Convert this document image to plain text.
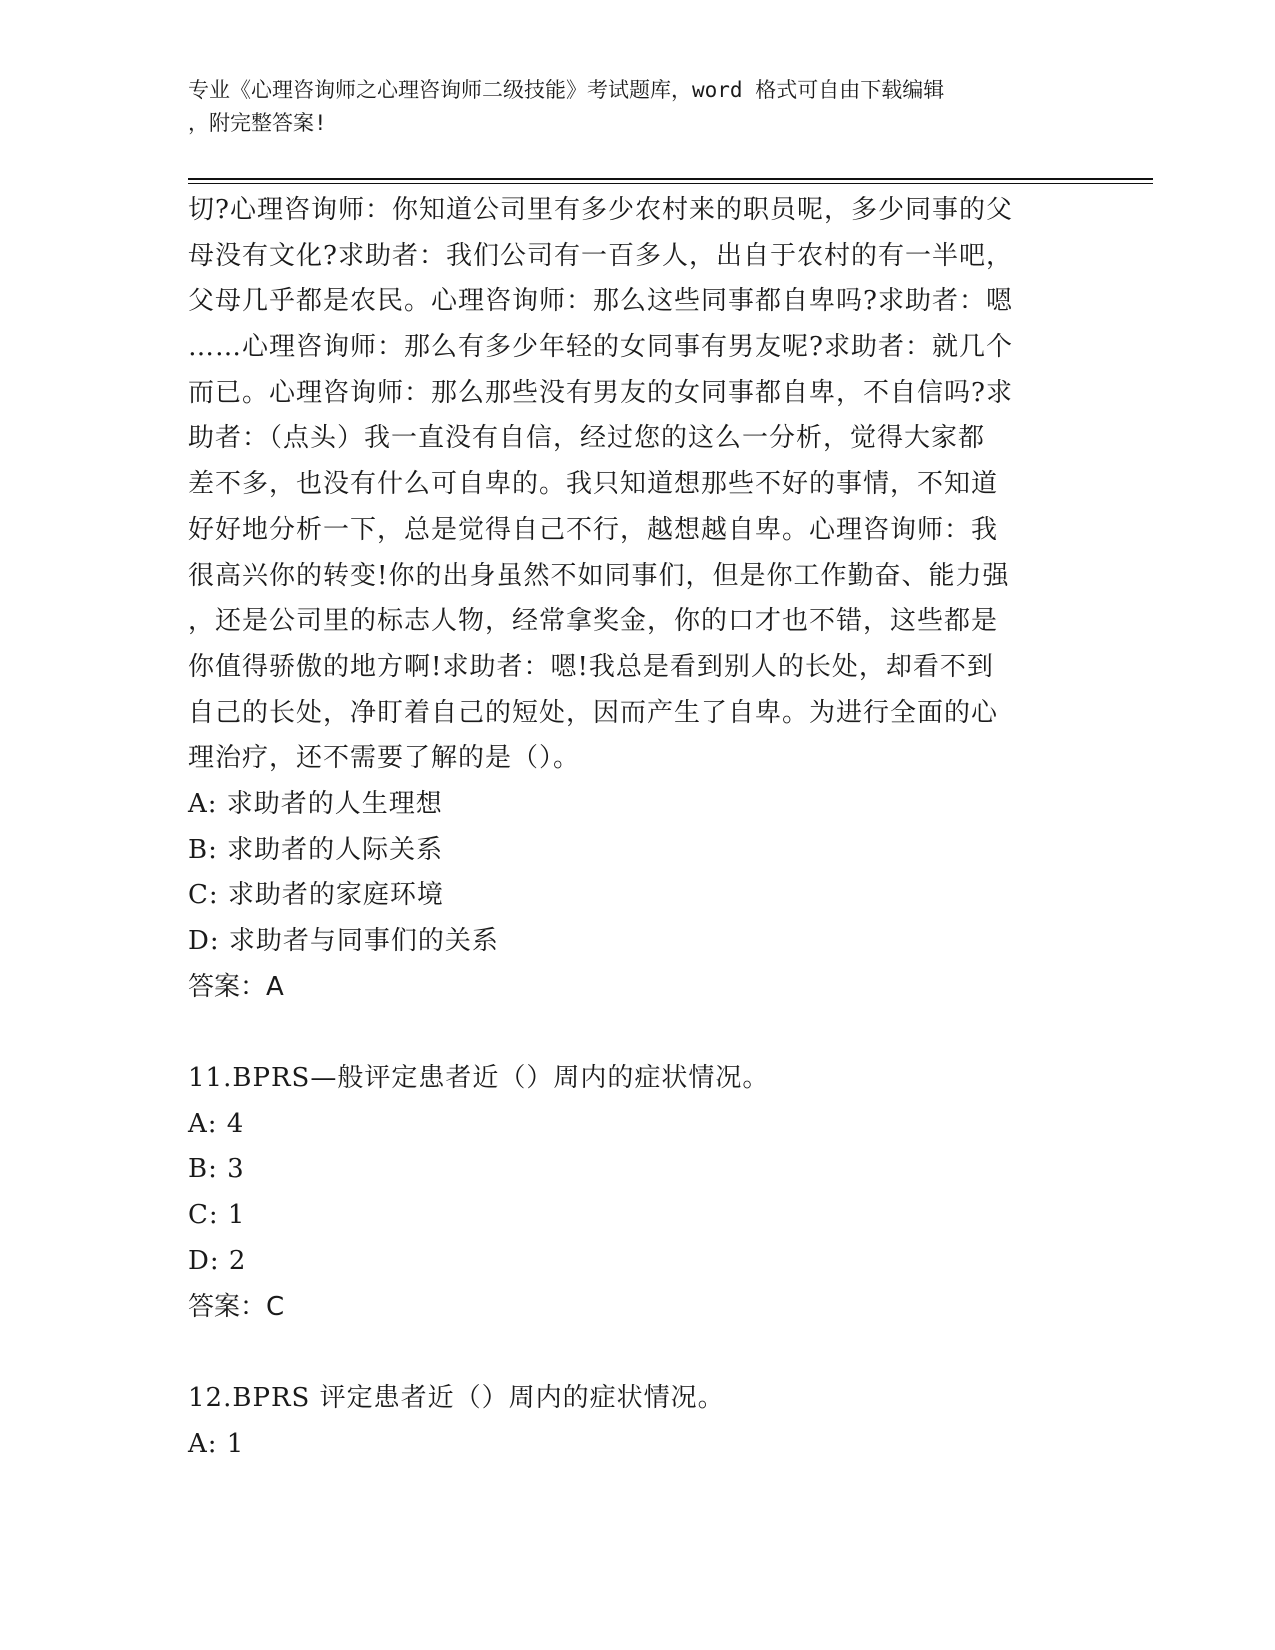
专业《心理咨询师之心理咨询师二级技能》考试题库，word 格式可自由下载编辑
，附完整答案!
切?心理咨询师：你知道公司里有多少农村来的职员呢，多少同事的父
母没有文化?求助者：我们公司有一百多人，出自于农村的有一半吧，
父母几乎都是农民。心理咨询师：那么这些同事都自卑吗?求助者：嗯
……心理咨询师：那么有多少年轻的女同事有男友呢?求助者：就几个
而已。心理咨询师：那么那些没有男友的女同事都自卑，不自信吗?求
助者：（点头）我一直没有自信，经过您的这么一分析，觉得大家都
差不多，也没有什么可自卑的。我只知道想那些不好的事情，不知道
好好地分析一下，总是觉得自己不行，越想越自卑。心理咨询师：我
很高兴你的转变!你的出身虽然不如同事们，但是你工作勤奋、能力强
，还是公司里的标志人物，经常拿奖金，你的口才也不错，这些都是
你值得骄傲的地方啊!求助者：嗯!我总是看到别人的长处，却看不到
自己的长处，净盯着自己的短处，因而产生了自卑。为进行全面的心
理治疗，还不需要了解的是（）。
A: 求助者的人生理想
B: 求助者的人际关系
C: 求助者的家庭环境
D: 求助者与同事们的关系
答案：A
11.BPRS—般评定患者近（）周内的症状情况。
A: 4
B: 3
C: 1
D: 2
答案：C
12.BPRS 评定患者近（）周内的症状情况。
A: 1
